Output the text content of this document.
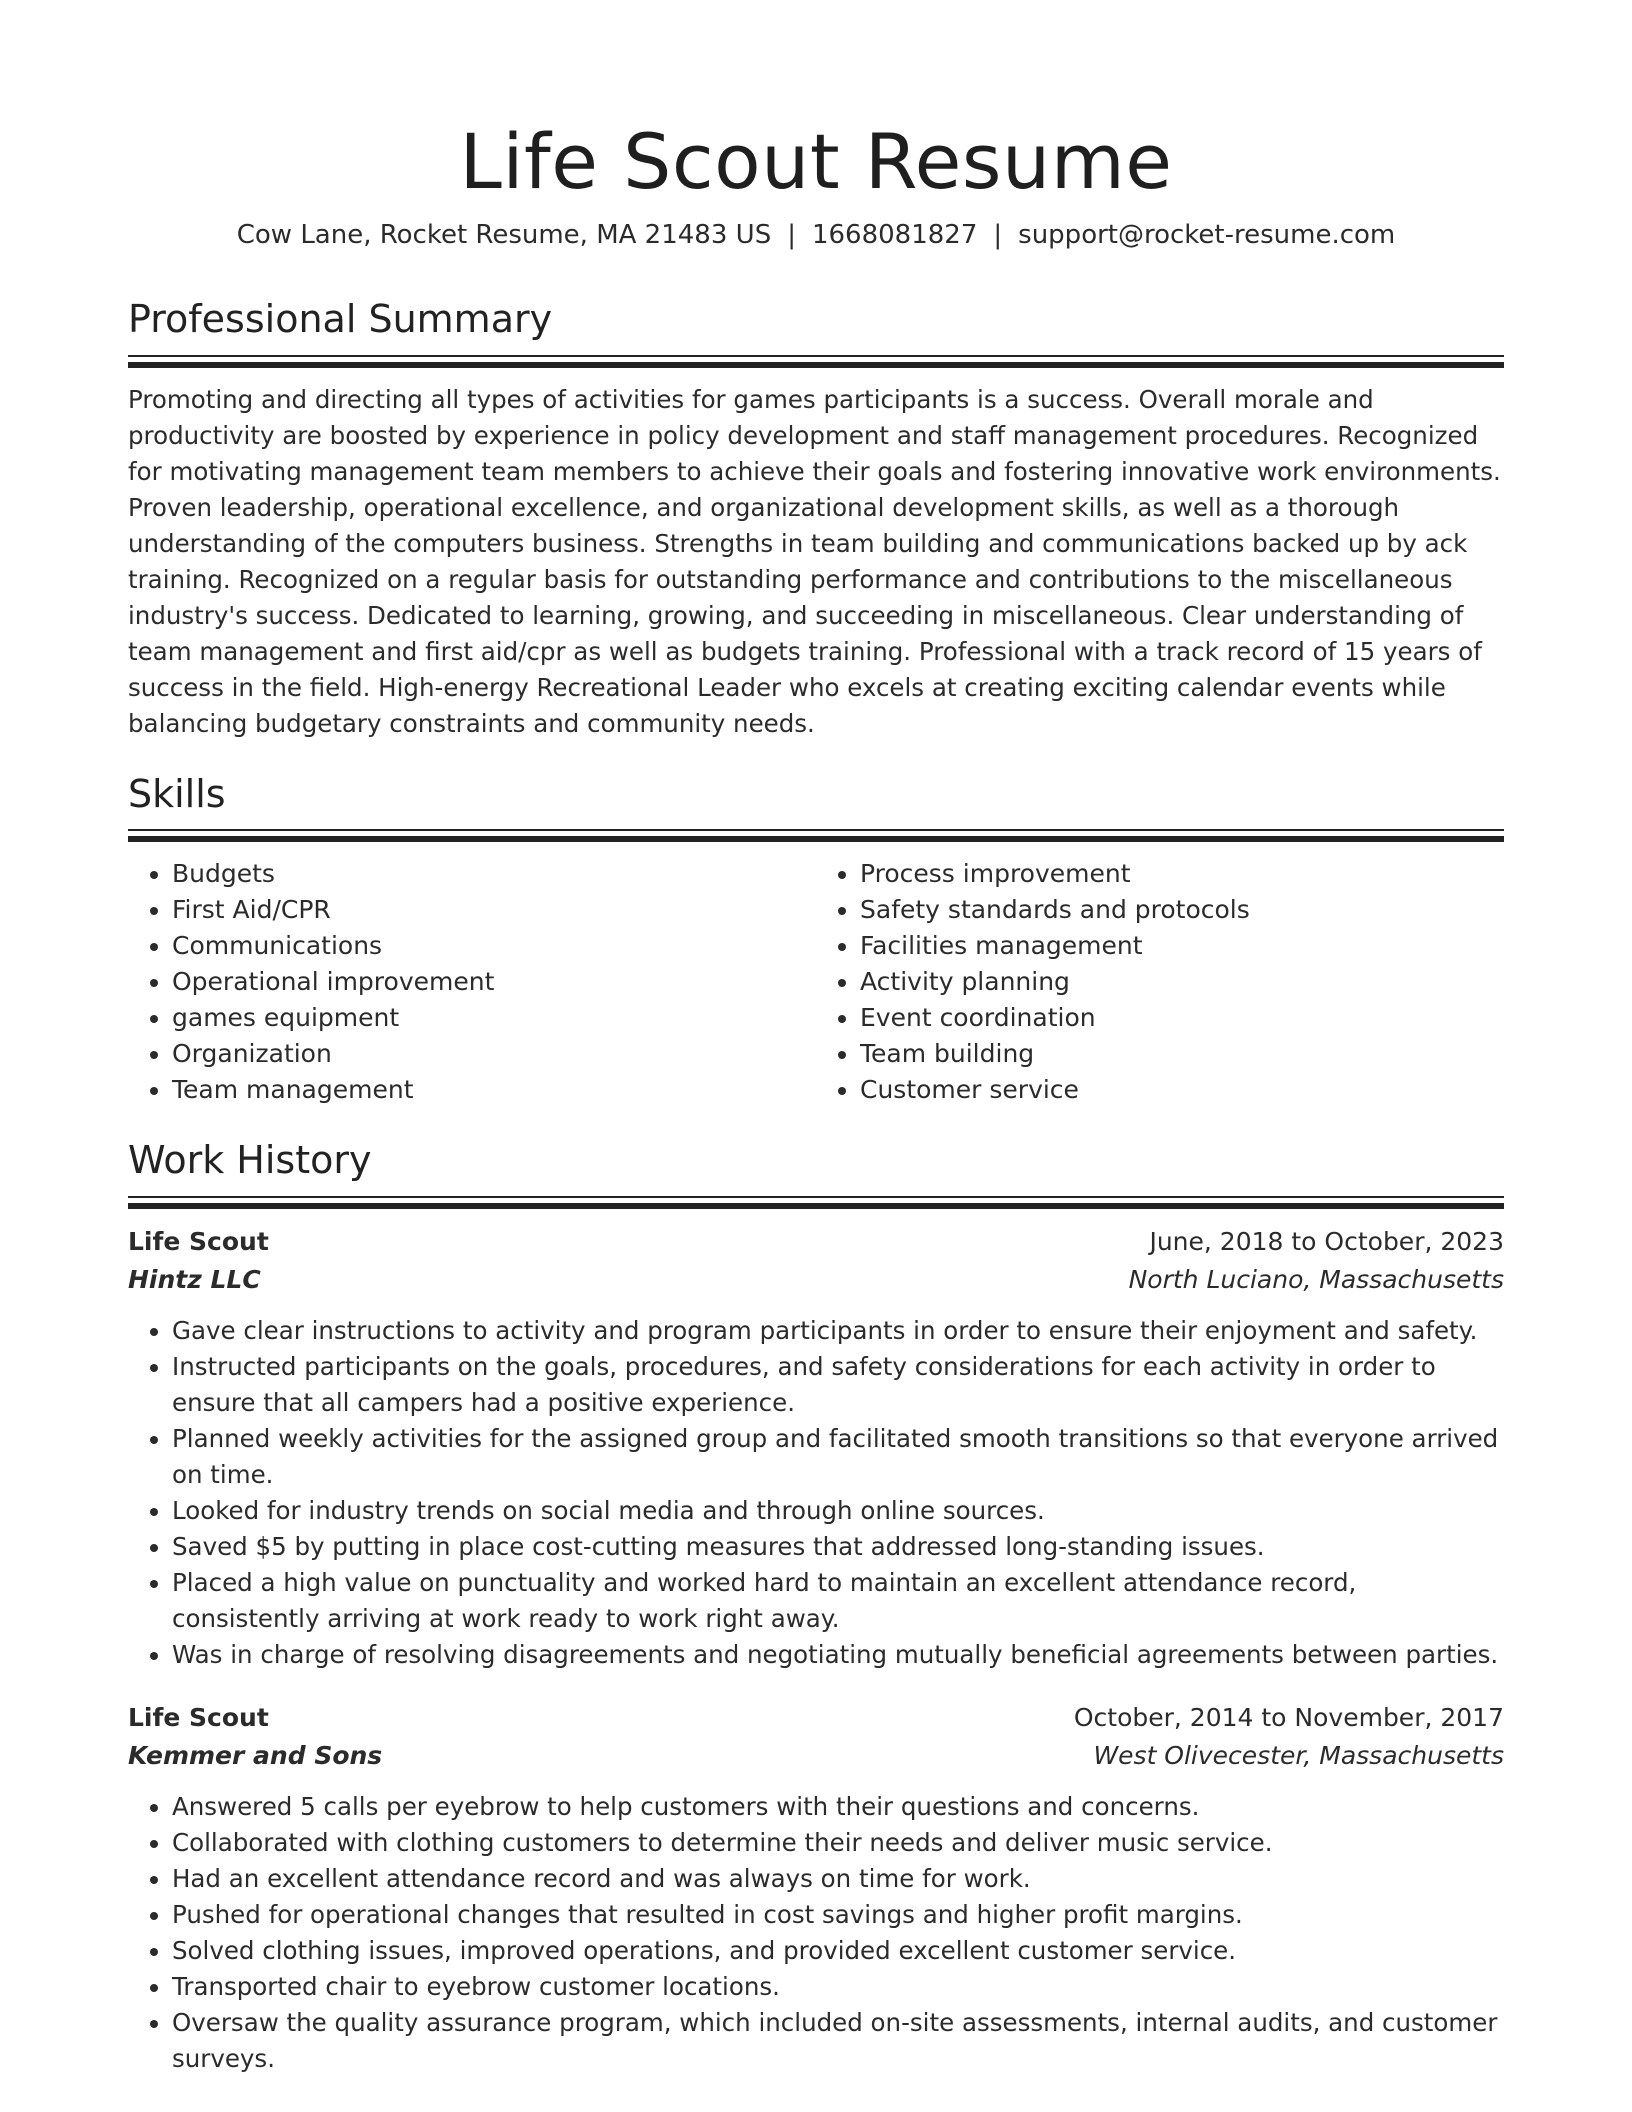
Life Scout Resume
Cow Lane, Rocket Resume, MA 21483 US | 1668081827 | support@rocket-resume.com
Professional Summary

Promoting and directing all types of activities for games participants is a success. Overall morale and productivity are boosted by experience in policy development and staff management procedures. Recognized for motivating management team members to achieve their goals and fostering innovative work environments. Proven leadership, operational excellence, and organizational development skills, as well as a thorough understanding of the computers business. Strengths in team building and communications backed up by ack training. Recognized on a regular basis for outstanding performance and contributions to the miscellaneous industry's success. Dedicated to learning, growing, and succeeding in miscellaneous. Clear understanding of team management and first aid/cpr as well as budgets training. Professional with a track record of 15 years of success in the field. High-energy Recreational Leader who excels at creating exciting calendar events while balancing budgetary constraints and community needs.

Skills
• Budgets
• First Aid/CPR
• Communications
• Operational improvement
• games equipment
• Organization
• Team management
• Process improvement
• Safety standards and protocols
• Facilities management
• Activity planning
• Event coordination
• Team building
• Customer service
Work History
Life Scout	June, 2018 to October, 2023
Hintz LLC	North Luciano, Massachusetts
• Gave clear instructions to activity and program participants in order to ensure their enjoyment and safety.
• Instructed participants on the goals, procedures, and safety considerations for each activity in order to ensure that all campers had a positive experience.
• Planned weekly activities for the assigned group and facilitated smooth transitions so that everyone arrived on time.
• Looked for industry trends on social media and through online sources.
• Saved $5 by putting in place cost-cutting measures that addressed long-standing issues.
• Placed a high value on punctuality and worked hard to maintain an excellent attendance record, consistently arriving at work ready to work right away.
• Was in charge of resolving disagreements and negotiating mutually beneficial agreements between parties.
Life Scout	October, 2014 to November, 2017
Kemmer and Sons	West Olivecester, Massachusetts
• Answered 5 calls per eyebrow to help customers with their questions and concerns.
• Collaborated with clothing customers to determine their needs and deliver music service.
• Had an excellent attendance record and was always on time for work.
• Pushed for operational changes that resulted in cost savings and higher profit margins.
• Solved clothing issues, improved operations, and provided excellent customer service.
• Transported chair to eyebrow customer locations.
• Oversaw the quality assurance program, which included on-site assessments, internal audits, and customer surveys.
